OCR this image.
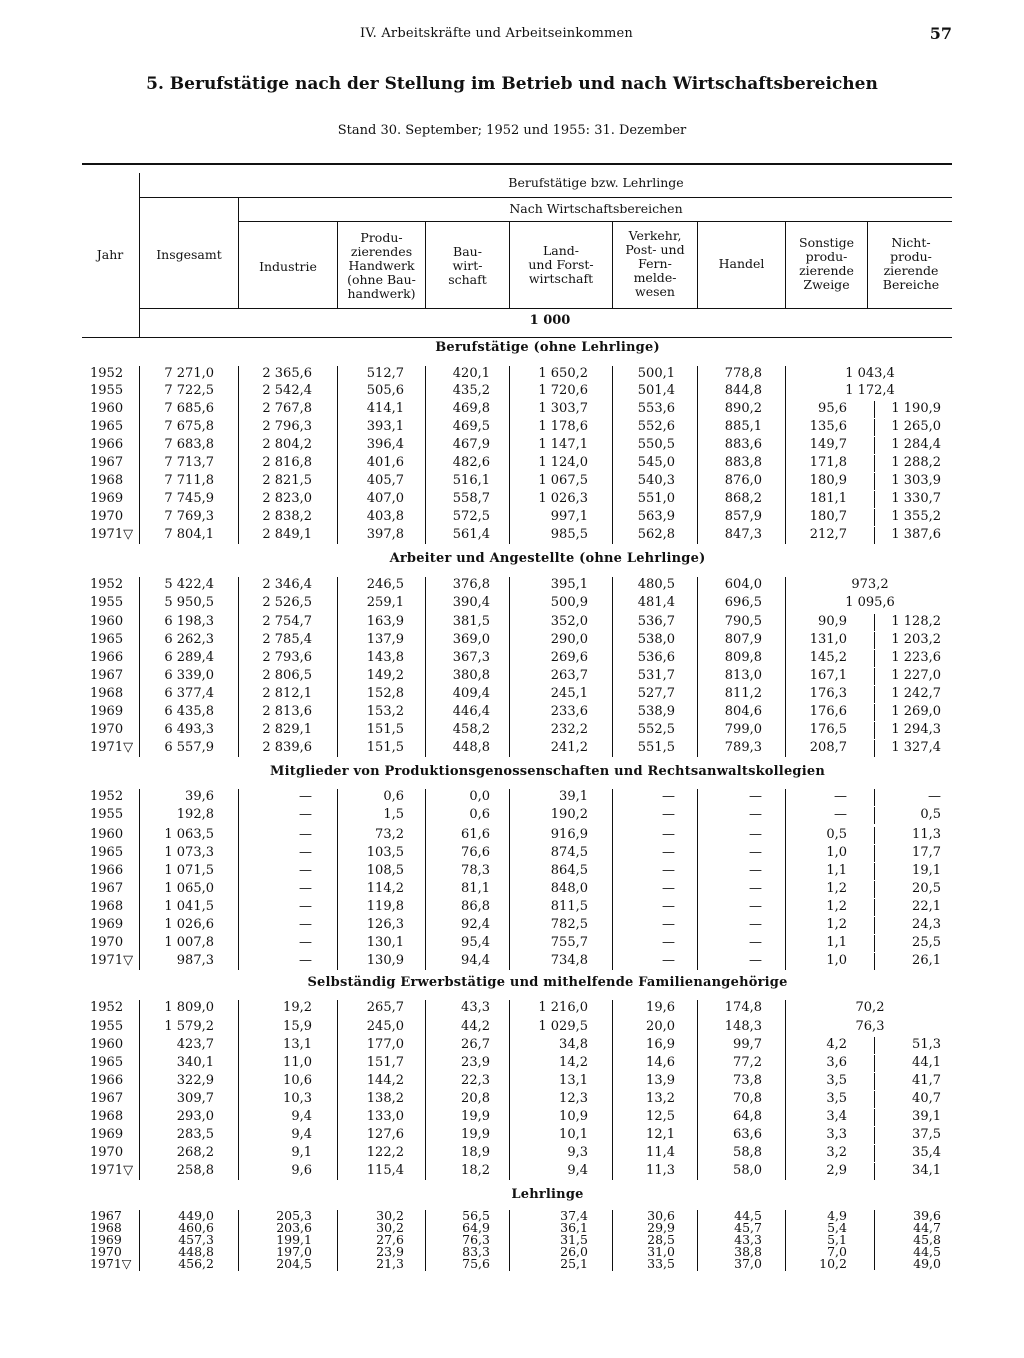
IV. Arbeitskräfte und Arbeitseinkommen	57
5. Berufstätige nach der Stellung im Betrieb und nach Wirtschaftsbereichen
Stand 30. September; 1952 und 1955: 31. Dezember
Jahr	Insgesamt
Berufstätige bzw. Lehrlinge
Nach Wirtschaftsbereichen
Industrie
Produ-
zierendes
Handwerk
(ohne Bau-
handwerk)
Bau-
wirt-
schaft
Land-
und Forst-
wirtschaft
Verkehr,
Post- und
Fern-
melde-
wesen
Handel
Sonstige
produ-
zierende
Zweige
Nicht-
produ-
zierende
Bereiche
1 000
Berufstätige (ohne Lehrlinge)
1952	7 271,0	2 365,6	512,7	420,1	1 650,2	500,1	778,8	1 043,4
1955	7 722,5	2 542,4	505,6	435,2	1 720,6	501,4	844,8	1 172,4
1960	7 685,6	2 767,8	414,1	469,8	1 303,7	553,6	890,2	95,6	1 190,9
1965	7 675,8	2 796,3	393,1	469,5	1 178,6	552,6	885,1	135,6	1 265,0
1966	7 683,8	2 804,2	396,4	467,9	1 147,1	550,5	883,6	149,7	1 284,4
1967	7 713,7	2 816,8	401,6	482,6	1 124,0	545,0	883,8	171,8	1 288,2
1968	7 711,8	2 821,5	405,7	516,1	1 067,5	540,3	876,0	180,9	1 303,9
1969	7 745,9	2 823,0	407,0	558,7	1 026,3	551,0	868,2	181,1	1 330,7
1970	7 769,3	2 838,2	403,8	572,5	997,1	563,9	857,9	180,7	1 355,2
1971▽ 7 804,1	2 849,1	397,8	561,4	985,5	562,8	847,3	212,7	1 387,6
Arbeiter und Angestellte (ohne Lehrlinge)
1952	5 422,4	2 346,4	246,5	376,8	395,1	480,5	604,0	973,2
1955	5 950,5	2 526,5	259,1	390,4	500,9	481,4	696,5	1 095,6
1960	6 198,3	2 754,7	163,9	381,5	352,0	536,7	790,5	90,9	1 128,2
1965	6 262,3	2 785,4	137,9	369,0	290,0	538,0	807,9	131,0	1 203,2
1966	6 289,4	2 793,6	143,8	367,3	269,6	536,6	809,8	145,2	1 223,6
1967	6 339,0	2 806,5	149,2	380,8	263,7	531,7	813,0	167,1	1 227,0
1968	6 377,4	2 812,1	152,8	409,4	245,1	527,7	811,2	176,3	1 242,7
1969	6 435,8	2 813,6	153,2	446,4	233,6	538,9	804,6	176,6	1 269,0
1970	6 493,3	2 829,1	151,5	458,2	232,2	552,5	799,0	176,5	1 294,3
1971▽ 6 557,9	2 839,6	151,5	448,8	241,2	551,5	789,3	208,7	1 327,4
Mitglieder von Produktionsgenossenschaften und Rechtsanwaltskollegien
1952	39,6	—	0,6	0,0	39,1	—	—	—	—
1955	192,8	—	1,5	0,6	190,2	—	—	—	0,5
1960	1 063,5	—	73,2	61,6	916,9	—	—	0,5	11,3
1965	1 073,3	—	103,5	76,6	874,5	—	—	1,0	17,7
1966	1 071,5	—	108,5	78,3	864,5	—	—	1,1	19,1
1967	1 065,0	—	114,2	81,1	848,0	—	—	1,2	20,5
1968	1 041,5	—	119,8	86,8	811,5	—	—	1,2	22,1
1969	1 026,6	—	126,3	92,4	782,5	—	—	1,2	24,3
1970	1 007,8	—	130,1	95,4	755,7	—	—	1,1	25,5
1971▽	987,3	—	130,9	94,4	734,8	—	—	1,0	26,1
Selbständig Erwerbstätige und mithelfende Familienangehörige
1952	1 809,0	19,2	265,7	43,3	1 216,0	19,6	174,8	70,2
1955	1 579,2	15,9	245,0	44,2	1 029,5	20,0	148,3	76,3
1960	423,7	13,1	177,0	26,7	34,8	16,9	99,7	4,2	51,3
1965	340,1	11,0	151,7	23,9	14,2	14,6	77,2	3,6	44,1
1966	322,9	10,6	144,2	22,3	13,1	13,9	73,8	3,5	41,7
1967	309,7	10,3	138,2	20,8	12,3	13,2	70,8	3,5	40,7
1968	293,0	9,4	133,0	19,9	10,9	12,5	64,8	3,4	39,1
1969	283,5	9,4	127,6	19,9	10,1	12,1	63,6	3,3	37,5
1970	268,2	9,1	122,2	18,9	9,3	11,4	58,8	3,2	35,4
1971▽	258,8	9,6	115,4	18,2	9,4	11,3	58,0	2,9	34,1
Lehrlinge
1967	449,0	205,3	30,2	56,5	37,4	30,6	44,5	4,9	39,6
1968	460,6	203,6	30,2	64,9	36,1	29,9	45,7	5,4	44,7
1969	457,3	199,1	27,6	76,3	31,5	28,5	43,3	5,1	45,8
1970	448,8	197,0	23,9	83,3	26,0	31,0	38,8	7,0	44,5
1971▽	456,2	204,5	21,3	75,6	25,1	33,5	37,0	10,2	49,0
